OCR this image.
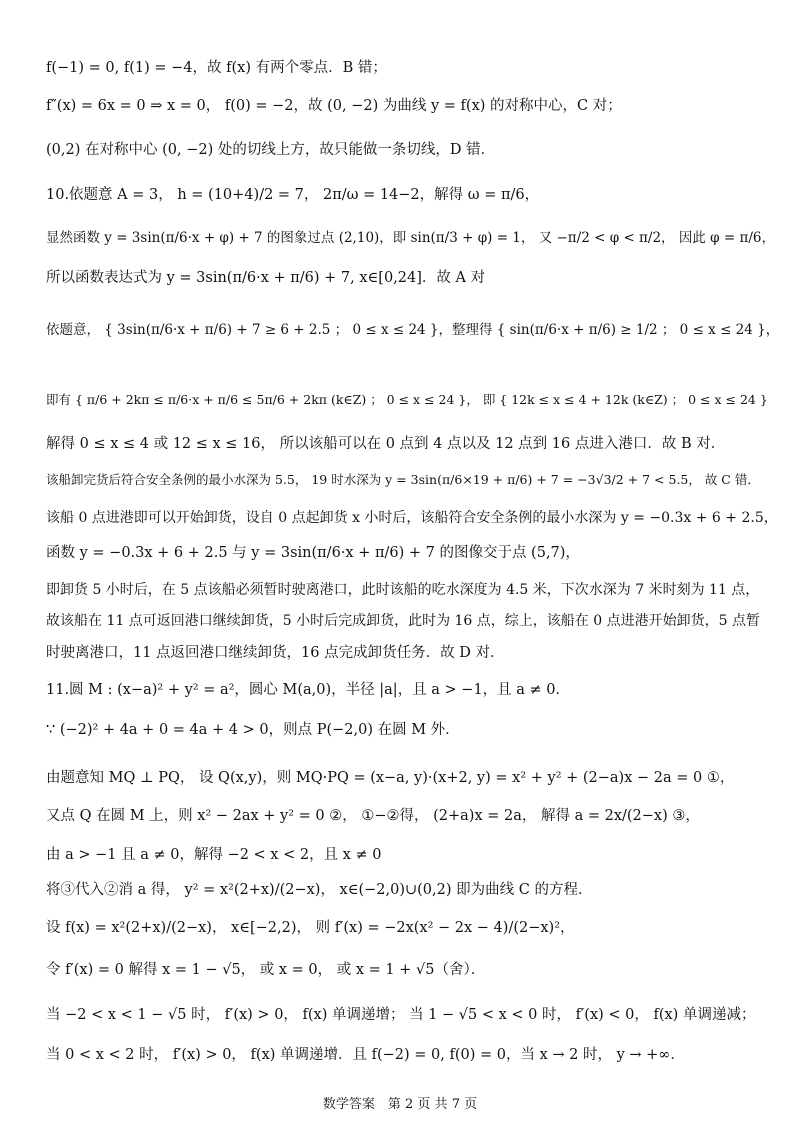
f(−1) = 0, f(1) = −4，故 f(x) 有两个零点．B 错；
f″(x) = 6x = 0 ⇒ x = 0， f(0) = −2，故 (0, −2) 为曲线 y = f(x) 的对称中心，C 对；
(0,2) 在对称中心 (0, −2) 处的切线上方，故只能做一条切线，D 错．
10.依题意 A = 3， h = (10+4)/2 = 7， 2π/ω = 14−2，解得 ω = π/6，
显然函数 y = 3sin(π/6·x + φ) + 7 的图象过点 (2,10)，即 sin(π/3 + φ) = 1， 又 −π/2 < φ < π/2， 因此 φ = π/6，
所以函数表达式为 y = 3sin(π/6·x + π/6) + 7, x∈[0,24]．故 A 对
依题意， { 3sin(π/6·x + π/6) + 7 ≥ 6 + 2.5 ； 0 ≤ x ≤ 24 }，整理得 { sin(π/6·x + π/6) ≥ 1/2 ； 0 ≤ x ≤ 24 }，
即有 { π/6 + 2kπ ≤ π/6·x + π/6 ≤ 5π/6 + 2kπ (k∈Z) ； 0 ≤ x ≤ 24 }， 即 { 12k ≤ x ≤ 4 + 12k (k∈Z) ； 0 ≤ x ≤ 24 }
解得 0 ≤ x ≤ 4 或 12 ≤ x ≤ 16， 所以该船可以在 0 点到 4 点以及 12 点到 16 点进入港口．故 B 对．
该船卸完货后符合安全条例的最小水深为 5.5， 19 时水深为 y = 3sin(π/6×19 + π/6) + 7 = −3√3/2 + 7 < 5.5， 故 C 错．
该船 0 点进港即可以开始卸货，设自 0 点起卸货 x 小时后，该船符合安全条例的最小水深为 y = −0.3x + 6 + 2.5，
函数 y = −0.3x + 6 + 2.5 与 y = 3sin(π/6·x + π/6) + 7 的图像交于点 (5,7)，
即卸货 5 小时后，在 5 点该船必须暂时驶离港口，此时该船的吃水深度为 4.5 米，下次水深为 7 米时刻为 11 点，
故该船在 11 点可返回港口继续卸货，5 小时后完成卸货，此时为 16 点，综上，该船在 0 点进港开始卸货，5 点暂
时驶离港口，11 点返回港口继续卸货，16 点完成卸货任务．故 D 对．
11.圆 M : (x−a)² + y² = a²，圆心 M(a,0)，半径 |a|，且 a > −1，且 a ≠ 0．
∵ (−2)² + 4a + 0 = 4a + 4 > 0，则点 P(−2,0) 在圆 M 外．
由题意知 MQ ⊥ PQ， 设 Q(x,y)，则 MQ·PQ = (x−a, y)·(x+2, y) = x² + y² + (2−a)x − 2a = 0 ①，
又点 Q 在圆 M 上，则 x² − 2ax + y² = 0 ②， ①−②得， (2+a)x = 2a， 解得 a = 2x/(2−x) ③，
由 a > −1 且 a ≠ 0，解得 −2 < x < 2，且 x ≠ 0
将③代入②消 a 得， y² = x²(2+x)/(2−x)， x∈(−2,0)∪(0,2) 即为曲线 C 的方程．
设 f(x) = x²(2+x)/(2−x)， x∈[−2,2)， 则 f′(x) = −2x(x² − 2x − 4)/(2−x)²，
令 f′(x) = 0 解得 x = 1 − √5， 或 x = 0， 或 x = 1 + √5（舍）．
当 −2 < x < 1 − √5 时， f′(x) > 0， f(x) 单调递增； 当 1 − √5 < x < 0 时， f′(x) < 0， f(x) 单调递减；
当 0 < x < 2 时， f′(x) > 0， f(x) 单调递增．且 f(−2) = 0, f(0) = 0，当 x → 2 时， y → +∞．
数学答案　第 2 页 共 7 页
